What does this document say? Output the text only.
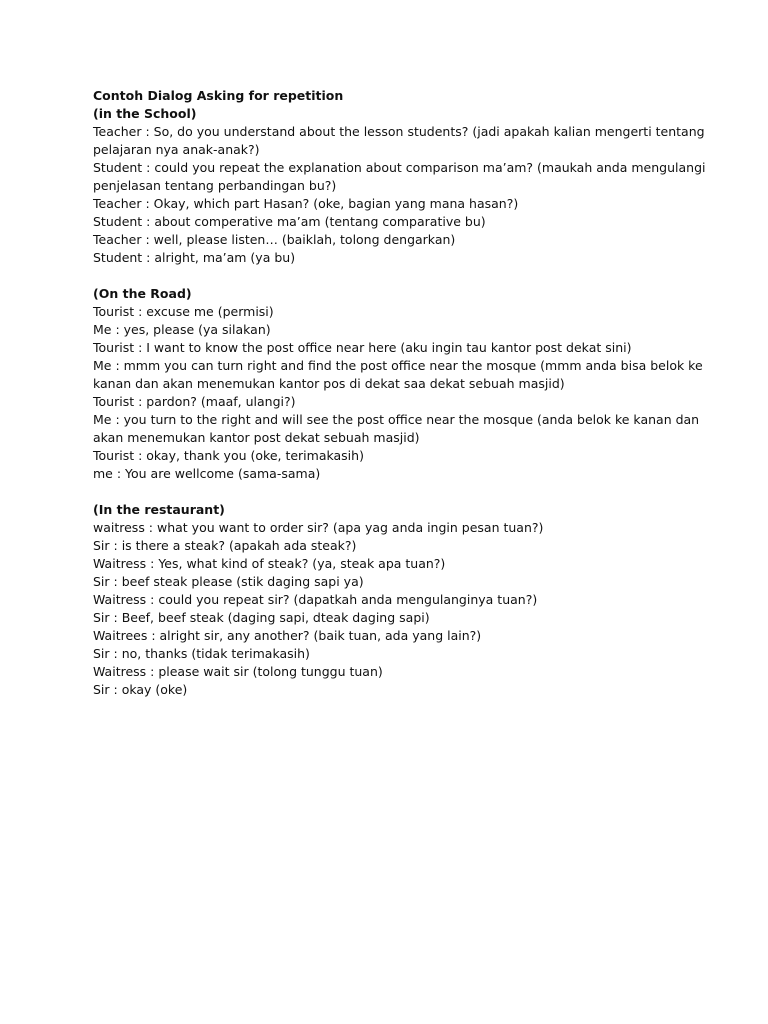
Contoh Dialog Asking for repetition

(in the School)

Teacher : So, do you understand about the lesson students? (jadi apakah kalian mengerti tentang pelajaran nya anak-anak?)

Student : could you repeat the explanation about comparison ma’am? (maukah anda mengulangi penjelasan tentang perbandingan bu?)

Teacher : Okay, which part Hasan? (oke, bagian yang mana hasan?)

Student : about comperative ma’am (tentang comparative bu)

Teacher : well, please listen… (baiklah, tolong dengarkan)

Student : alright, ma’am (ya bu)

(On the Road)

Tourist : excuse me (permisi)

Me : yes, please (ya silakan)

Tourist : I want to know the post office near here (aku ingin tau kantor post dekat sini)

Me : mmm you can turn right and find the post office near the mosque (mmm anda bisa belok ke kanan dan akan menemukan kantor pos di dekat saa dekat sebuah masjid)

Tourist : pardon? (maaf, ulangi?)

Me : you turn to the right and will see the post office near the mosque (anda belok ke kanan dan akan menemukan kantor post dekat sebuah masjid)

Tourist : okay, thank you (oke, terimakasih)

me : You are wellcome (sama-sama)

(In the restaurant)

waitress : what you want to order sir? (apa yag anda ingin pesan tuan?)

Sir : is there a steak? (apakah ada steak?)

Waitress : Yes, what kind of steak? (ya, steak apa tuan?)

Sir : beef steak please (stik daging sapi ya)

Waitress : could you repeat sir? (dapatkah anda mengulanginya tuan?)

Sir : Beef, beef steak (daging sapi, dteak daging sapi)

Waitrees : alright sir, any another? (baik tuan, ada yang lain?)

Sir : no, thanks (tidak terimakasih)

Waitress : please wait sir (tolong tunggu tuan)

Sir : okay (oke)
